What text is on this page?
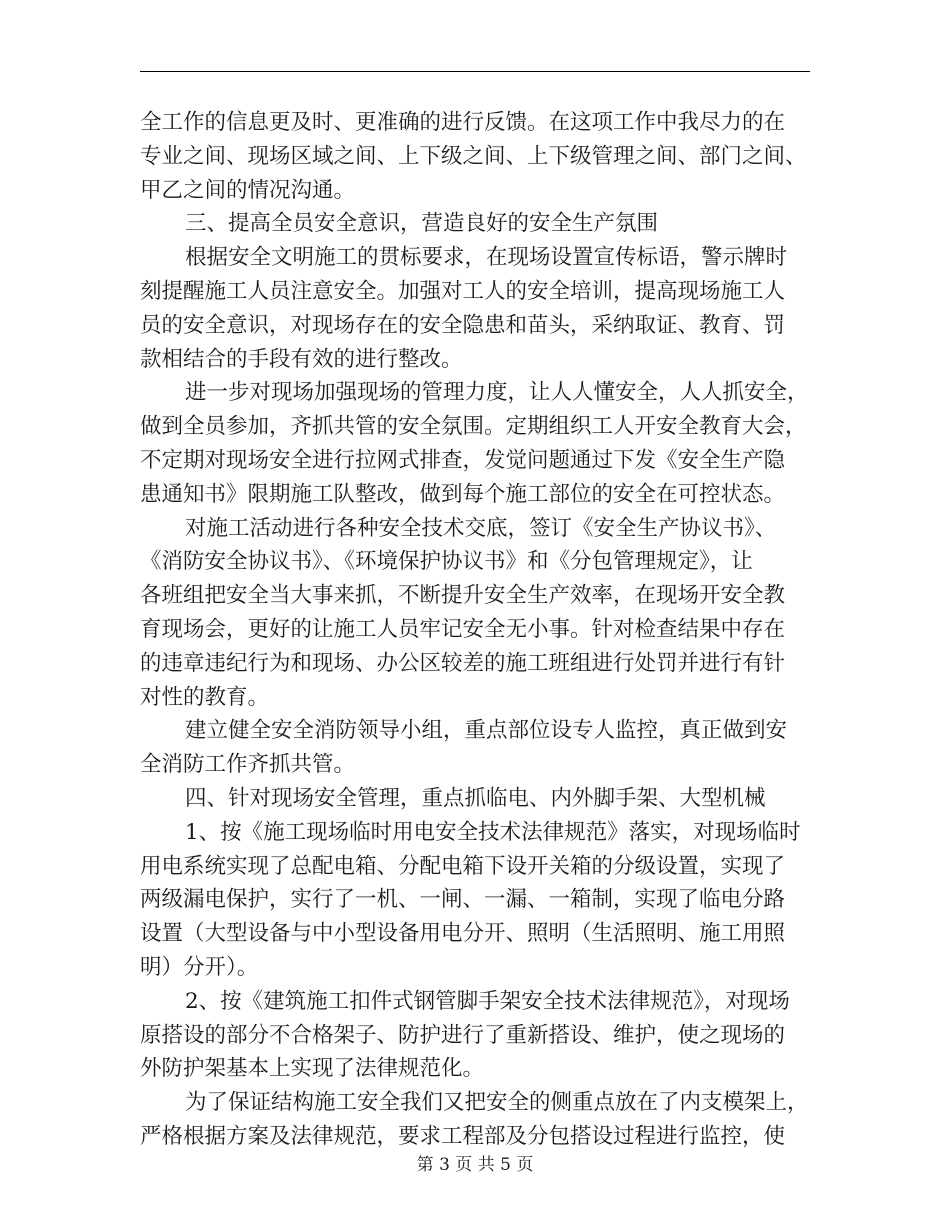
全工作的信息更及时、更准确的进行反馈。在这项工作中我尽力的在
专业之间、现场区域之间、上下级之间、上下级管理之间、部门之间、
甲乙之间的情况沟通。
三、提高全员安全意识，营造良好的安全生产氛围
根据安全文明施工的贯标要求，在现场设置宣传标语，警示牌时
刻提醒施工人员注意安全。加强对工人的安全培训，提高现场施工人
员的安全意识，对现场存在的安全隐患和苗头，采纳取证、教育、罚
款相结合的手段有效的进行整改。
进一步对现场加强现场的管理力度，让人人懂安全，人人抓安全，
做到全员参加，齐抓共管的安全氛围。定期组织工人开安全教育大会，
不定期对现场安全进行拉网式排查，发觉问题通过下发《安全生产隐
患通知书》限期施工队整改，做到每个施工部位的安全在可控状态。
对施工活动进行各种安全技术交底，签订《安全生产协议书》、
《消防安全协议书》、《环境保护协议书》和《分包管理规定》，让
各班组把安全当大事来抓，不断提升安全生产效率，在现场开安全教
育现场会，更好的让施工人员牢记安全无小事。针对检查结果中存在
的违章违纪行为和现场、办公区较差的施工班组进行处罚并进行有针
对性的教育。
建立健全安全消防领导小组，重点部位设专人监控，真正做到安
全消防工作齐抓共管。
四、针对现场安全管理，重点抓临电、内外脚手架、大型机械
1、按《施工现场临时用电安全技术法律规范》落实，对现场临时
用电系统实现了总配电箱、分配电箱下设开关箱的分级设置，实现了
两级漏电保护，实行了一机、一闸、一漏、一箱制，实现了临电分路
设置（大型设备与中小型设备用电分开、照明（生活照明、施工用照
明）分开）。
2、按《建筑施工扣件式钢管脚手架安全技术法律规范》，对现场
原搭设的部分不合格架子、防护进行了重新搭设、维护，使之现场的
外防护架基本上实现了法律规范化。
为了保证结构施工安全我们又把安全的侧重点放在了内支模架上，
严格根据方案及法律规范，要求工程部及分包搭设过程进行监控，使
第 3 页 共 5 页
